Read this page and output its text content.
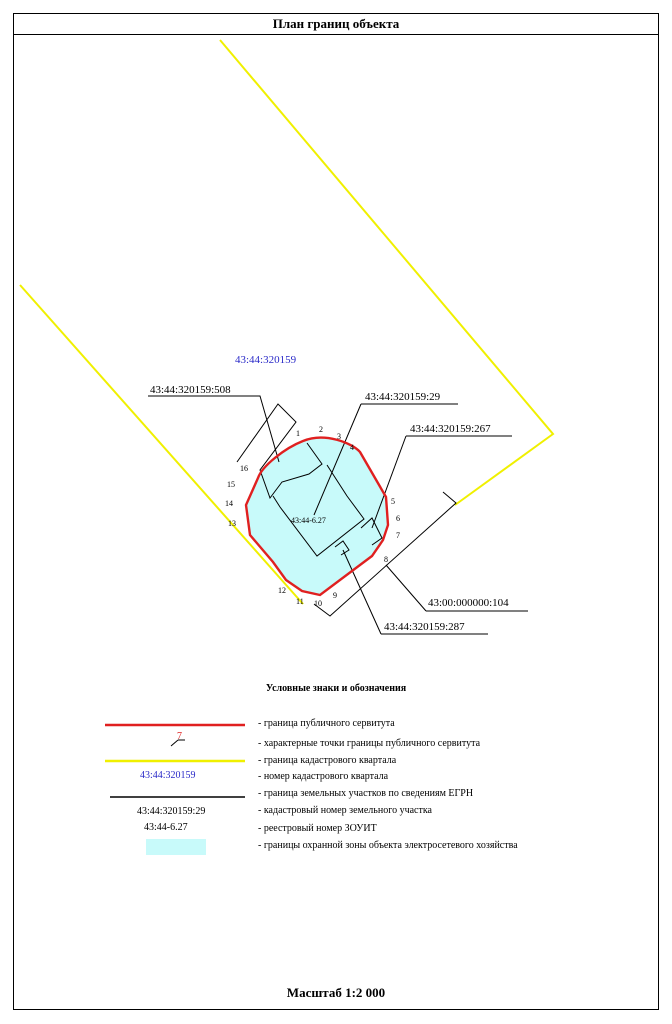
План границ объекта
43:44:320159
43:44:320159:508
43:44:320159:29
43:44:320159:267
43:00:000000:104
43:44:320159:287
43:44-6.27
1 2
3
4
5
6
7
8
9
10
11
12
13
14
15
16
7
Условные знаки и обозначения
43:44:320159
43:44:320159:29
43:44-6.27
- граница публичного сервитута
- характерные точки границы публичного сервитута
- граница кадастрового квартала
- номер кадастрового квартала
- граница земельных участков по сведениям ЕГРН
- кадастровый номер земельного участка
- реестровый номер ЗОУИТ
- границы охранной зоны объекта электросетевого хозяйства
Масштаб 1:2 000
